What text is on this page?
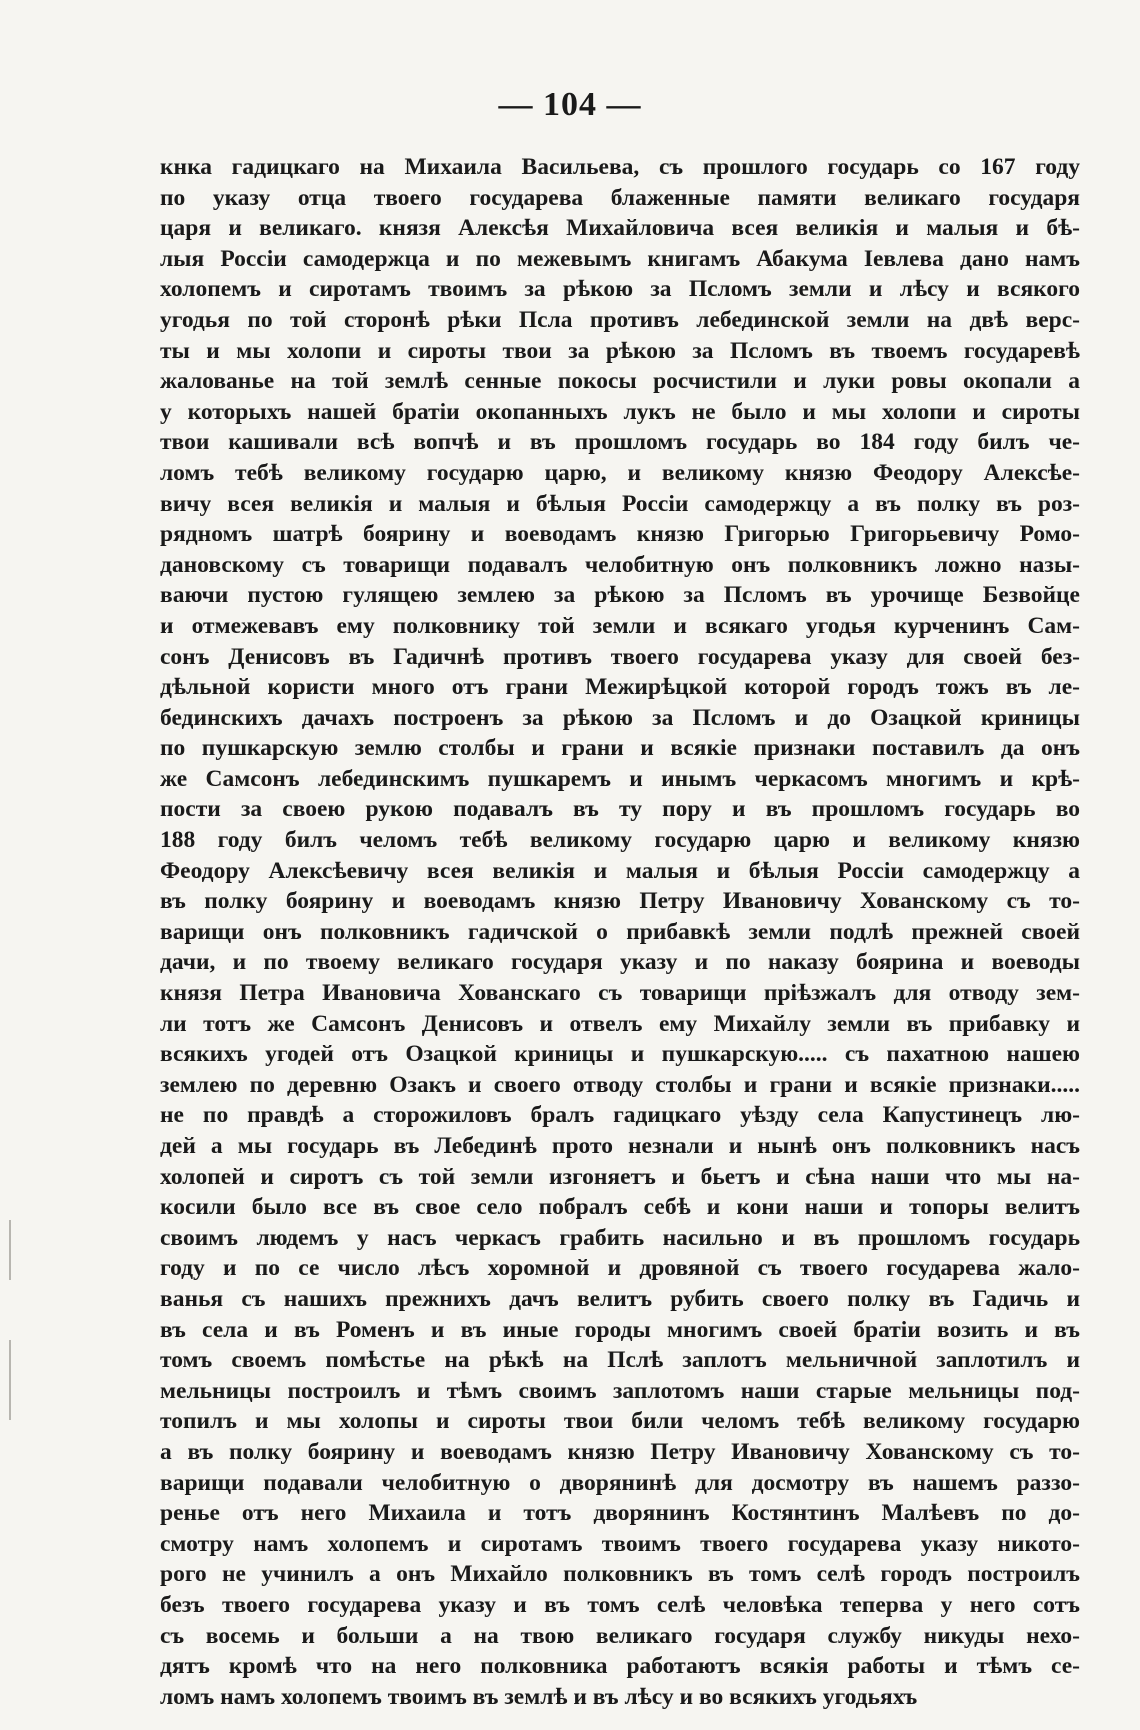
— 104 —
кнка гадицкаго на Михаила Васильева, съ прошлого государь со 167 году
по указу отца твоего государева блаженные памяти великаго государя
царя и великаго. князя Алексѣя Михайловича всея великія и малыя и бѣ-
лыя Россіи самодержца и по межевымъ книгамъ Абакума Іевлева дано намъ
холопемъ и сиротамъ твоимъ за рѣкою за Псломъ земли и лѣсу и всякого
угодья по той сторонѣ рѣки Псла противъ лебединской земли на двѣ верс-
ты и мы холопи и сироты твои за рѣкою за Псломъ въ твоемъ государевѣ
жалованье на той землѣ сенные покосы росчистили и луки ровы окопали а
у которыхъ нашей братіи окопанныхъ лукъ не было и мы холопи и сироты
твои кашивали всѣ вопчѣ и въ прошломъ государь во 184 году билъ че-
ломъ тебѣ великому государю царю, и великому князю Феодору Алексѣе-
вичу всея великія и малыя и бѣлыя Россіи самодержцу а въ полку въ роз-
рядномъ шатрѣ боярину и воеводамъ князю Григорью Григорьевичу Ромо-
дановскому съ товарищи подавалъ челобитную онъ полковникъ ложно назы-
ваючи пустою гулящею землею за рѣкою за Псломъ въ урочище Безвойце
и отмежевавъ ему полковнику той земли и всякаго угодья курченинъ Сам-
сонъ Денисовъ въ Гадичнѣ противъ твоего государева указу для своей без-
дѣльной користи много отъ грани Межирѣцкой которой городъ тожъ въ ле-
бединскихъ дачахъ построенъ за рѣкою за Псломъ и до Озацкой криницы
по пушкарскую землю столбы и грани и всякіе признаки поставилъ да онъ
же Самсонъ лебединскимъ пушкаремъ и инымъ черкасомъ многимъ и крѣ-
пости за своею рукою подавалъ въ ту пору и въ прошломъ государь во
188 году билъ челомъ тебѣ великому государю царю и великому князю
Феодору Алексѣевичу всея великія и малыя и бѣлыя Россіи самодержцу а
въ полку боярину и воеводамъ князю Петру Ивановичу Хованскому съ то-
варищи онъ полковникъ гадичской о прибавкѣ земли подлѣ прежней своей
дачи, и по твоему великаго государя указу и по наказу боярина и воеводы
князя Петра Ивановича Хованскаго съ товарищи пріѣзжалъ для отводу зем-
ли тотъ же Самсонъ Денисовъ и отвелъ ему Михайлу земли въ прибавку и
всякихъ угодей отъ Озацкой криницы и пушкарскую..... съ пахатною нашею
землею по деревню Озакъ и своего отводу столбы и грани и всякіе признаки.....
не по правдѣ а сторожиловъ бралъ гадицкаго уѣзду села Капустинецъ лю-
дей а мы государь въ Лебединѣ прото незнали и нынѣ онъ полковникъ насъ
холопей и сиротъ съ той земли изгоняетъ и бьетъ и сѣна наши что мы на-
косили было все въ свое село побралъ себѣ и кони наши и топоры велитъ
своимъ людемъ у насъ черкасъ грабить насильно и въ прошломъ государь
году и по се число лѣсъ хоромной и дровяной съ твоего государева жало-
ванья съ нашихъ прежнихъ дачъ велитъ рубить своего полку въ Гадичь и
въ села и въ Роменъ и въ иные городы многимъ своей братіи возить и въ
томъ своемъ помѣстье на рѣкѣ на Пслѣ заплотъ мельничной заплотилъ и
мельницы построилъ и тѣмъ своимъ заплотомъ наши старые мельницы под-
топилъ и мы холопы и сироты твои били челомъ тебѣ великому государю
а въ полку боярину и воеводамъ князю Петру Ивановичу Хованскому съ то-
варищи подавали челобитную о дворянинѣ для досмотру въ нашемъ раззо-
ренье отъ него Михаила и тотъ дворянинъ Костянтинъ Малѣевъ по до-
смотру намъ холопемъ и сиротамъ твоимъ твоего государева указу никото-
рого не учинилъ а онъ Михайло полковникъ въ томъ селѣ городъ построилъ
безъ твоего государева указу и въ томъ селѣ человѣка теперва у него сотъ
съ восемь и больши а на твою великаго государя службу никуды нехо-
дятъ кромѣ что на него полковника работаютъ всякія работы и тѣмъ се-
ломъ намъ холопемъ твоимъ въ землѣ и въ лѣсу и во всякихъ угодьяхъ
